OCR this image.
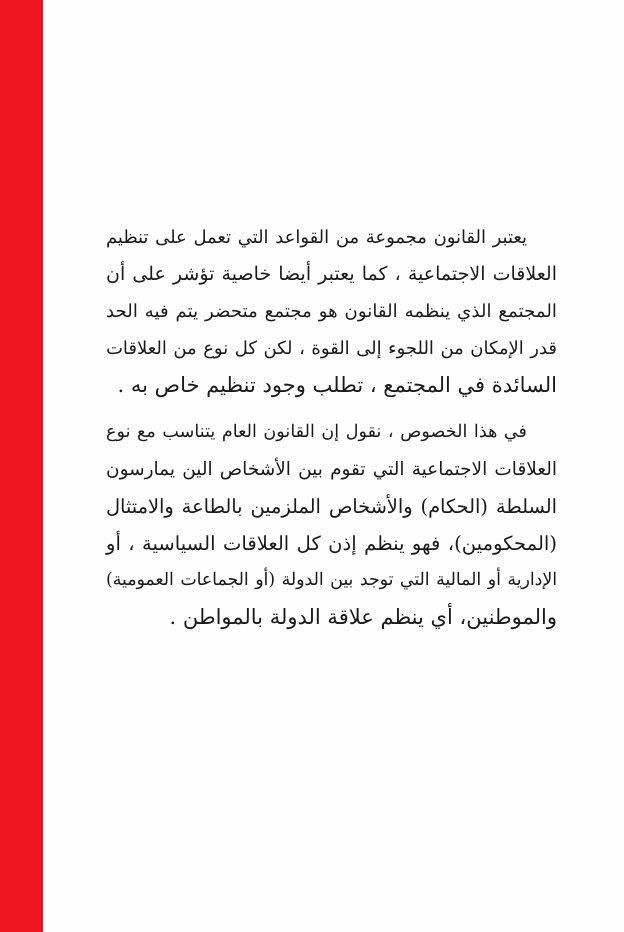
يعتبر القانون مجموعة من القواعد التي تعمل على تنظيم
العلاقات الاجتماعية ، كما يعتبر أيضا خاصية تؤشر على أن
المجتمع الذي ينظمه القانون هو مجتمع متحضر يتم فيه الحد
قدر الإمكان من اللجوء إلى القوة ، لكن كل نوع من العلاقات
السائدة في المجتمع ، تطلب وجود تنظيم خاص به .
في هذا الخصوص ، نقول إن القانون العام يتناسب مع نوع
العلاقات الاجتماعية التي تقوم بين الأشخاص الين يمارسون
السلطة (الحكام) والأشخاص الملزمين بالطاعة والامتثال
(المحكومين)، فهو ينظم إذن كل العلاقات السياسية ، أو
الإدارية أو المالية التي توجد بين الدولة (أو الجماعات العمومية)
والموطنين، أي ينظم علاقة الدولة بالمواطن .
